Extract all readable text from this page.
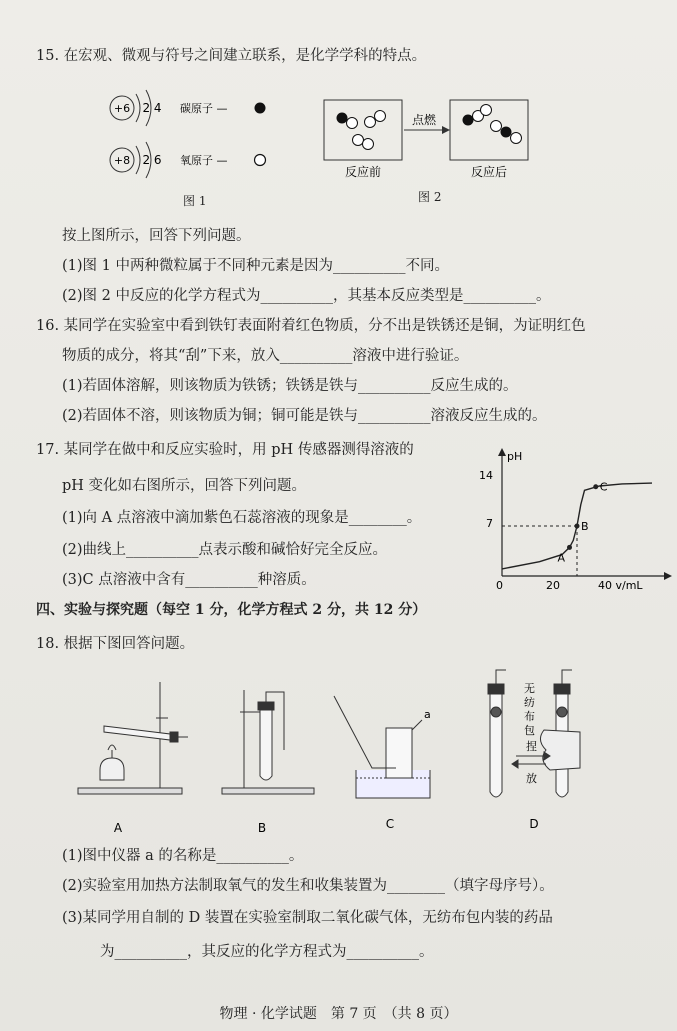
15. 在宏观、微观与符号之间建立联系，是化学学科的特点。
+6 2 4 碳原子 —
+8 2 6 氧原子 —
图 1
点燃
反应前	反应后
图 2
按上图所示，回答下列问题。
(1)图 1 中两种微粒属于不同种元素是因为__________不同。
(2)图 2 中反应的化学方程式为__________，其基本反应类型是__________。
16. 某同学在实验室中看到铁钉表面附着红色物质，分不出是铁锈还是铜，为证明红色
物质的成分，将其“刮”下来，放入__________溶液中进行验证。
(1)若固体溶解，则该物质为铁锈；铁锈是铁与__________反应生成的。
(2)若固体不溶，则该物质为铜；铜可能是铁与__________溶液反应生成的。
17. 某同学在做中和反应实验时，用 pH 传感器测得溶液的
pH 变化如右图所示，回答下列问题。
(1)向 A 点溶液中滴加紫色石蕊溶液的现象是________。
(2)曲线上__________点表示酸和碱恰好完全反应。
(3)C 点溶液中含有__________种溶质。
pH
14
7
0	20	40 v/mL
A
B
C
四、实验与探究题（每空 1 分，化学方程式 2 分，共 12 分）
18. 根据下图回答问题。
A	B
a
C
无
纺
布
包
捏
放
D
(1)图中仪器 a 的名称是__________。
(2)实验室用加热方法制取氧气的发生和收集装置为________（填字母序号）。
(3)某同学用自制的 D 装置在实验室制取二氧化碳气体，无纺布包内装的药品
为__________，其反应的化学方程式为__________。
物理 · 化学试题　第 7 页　（共 8 页）
